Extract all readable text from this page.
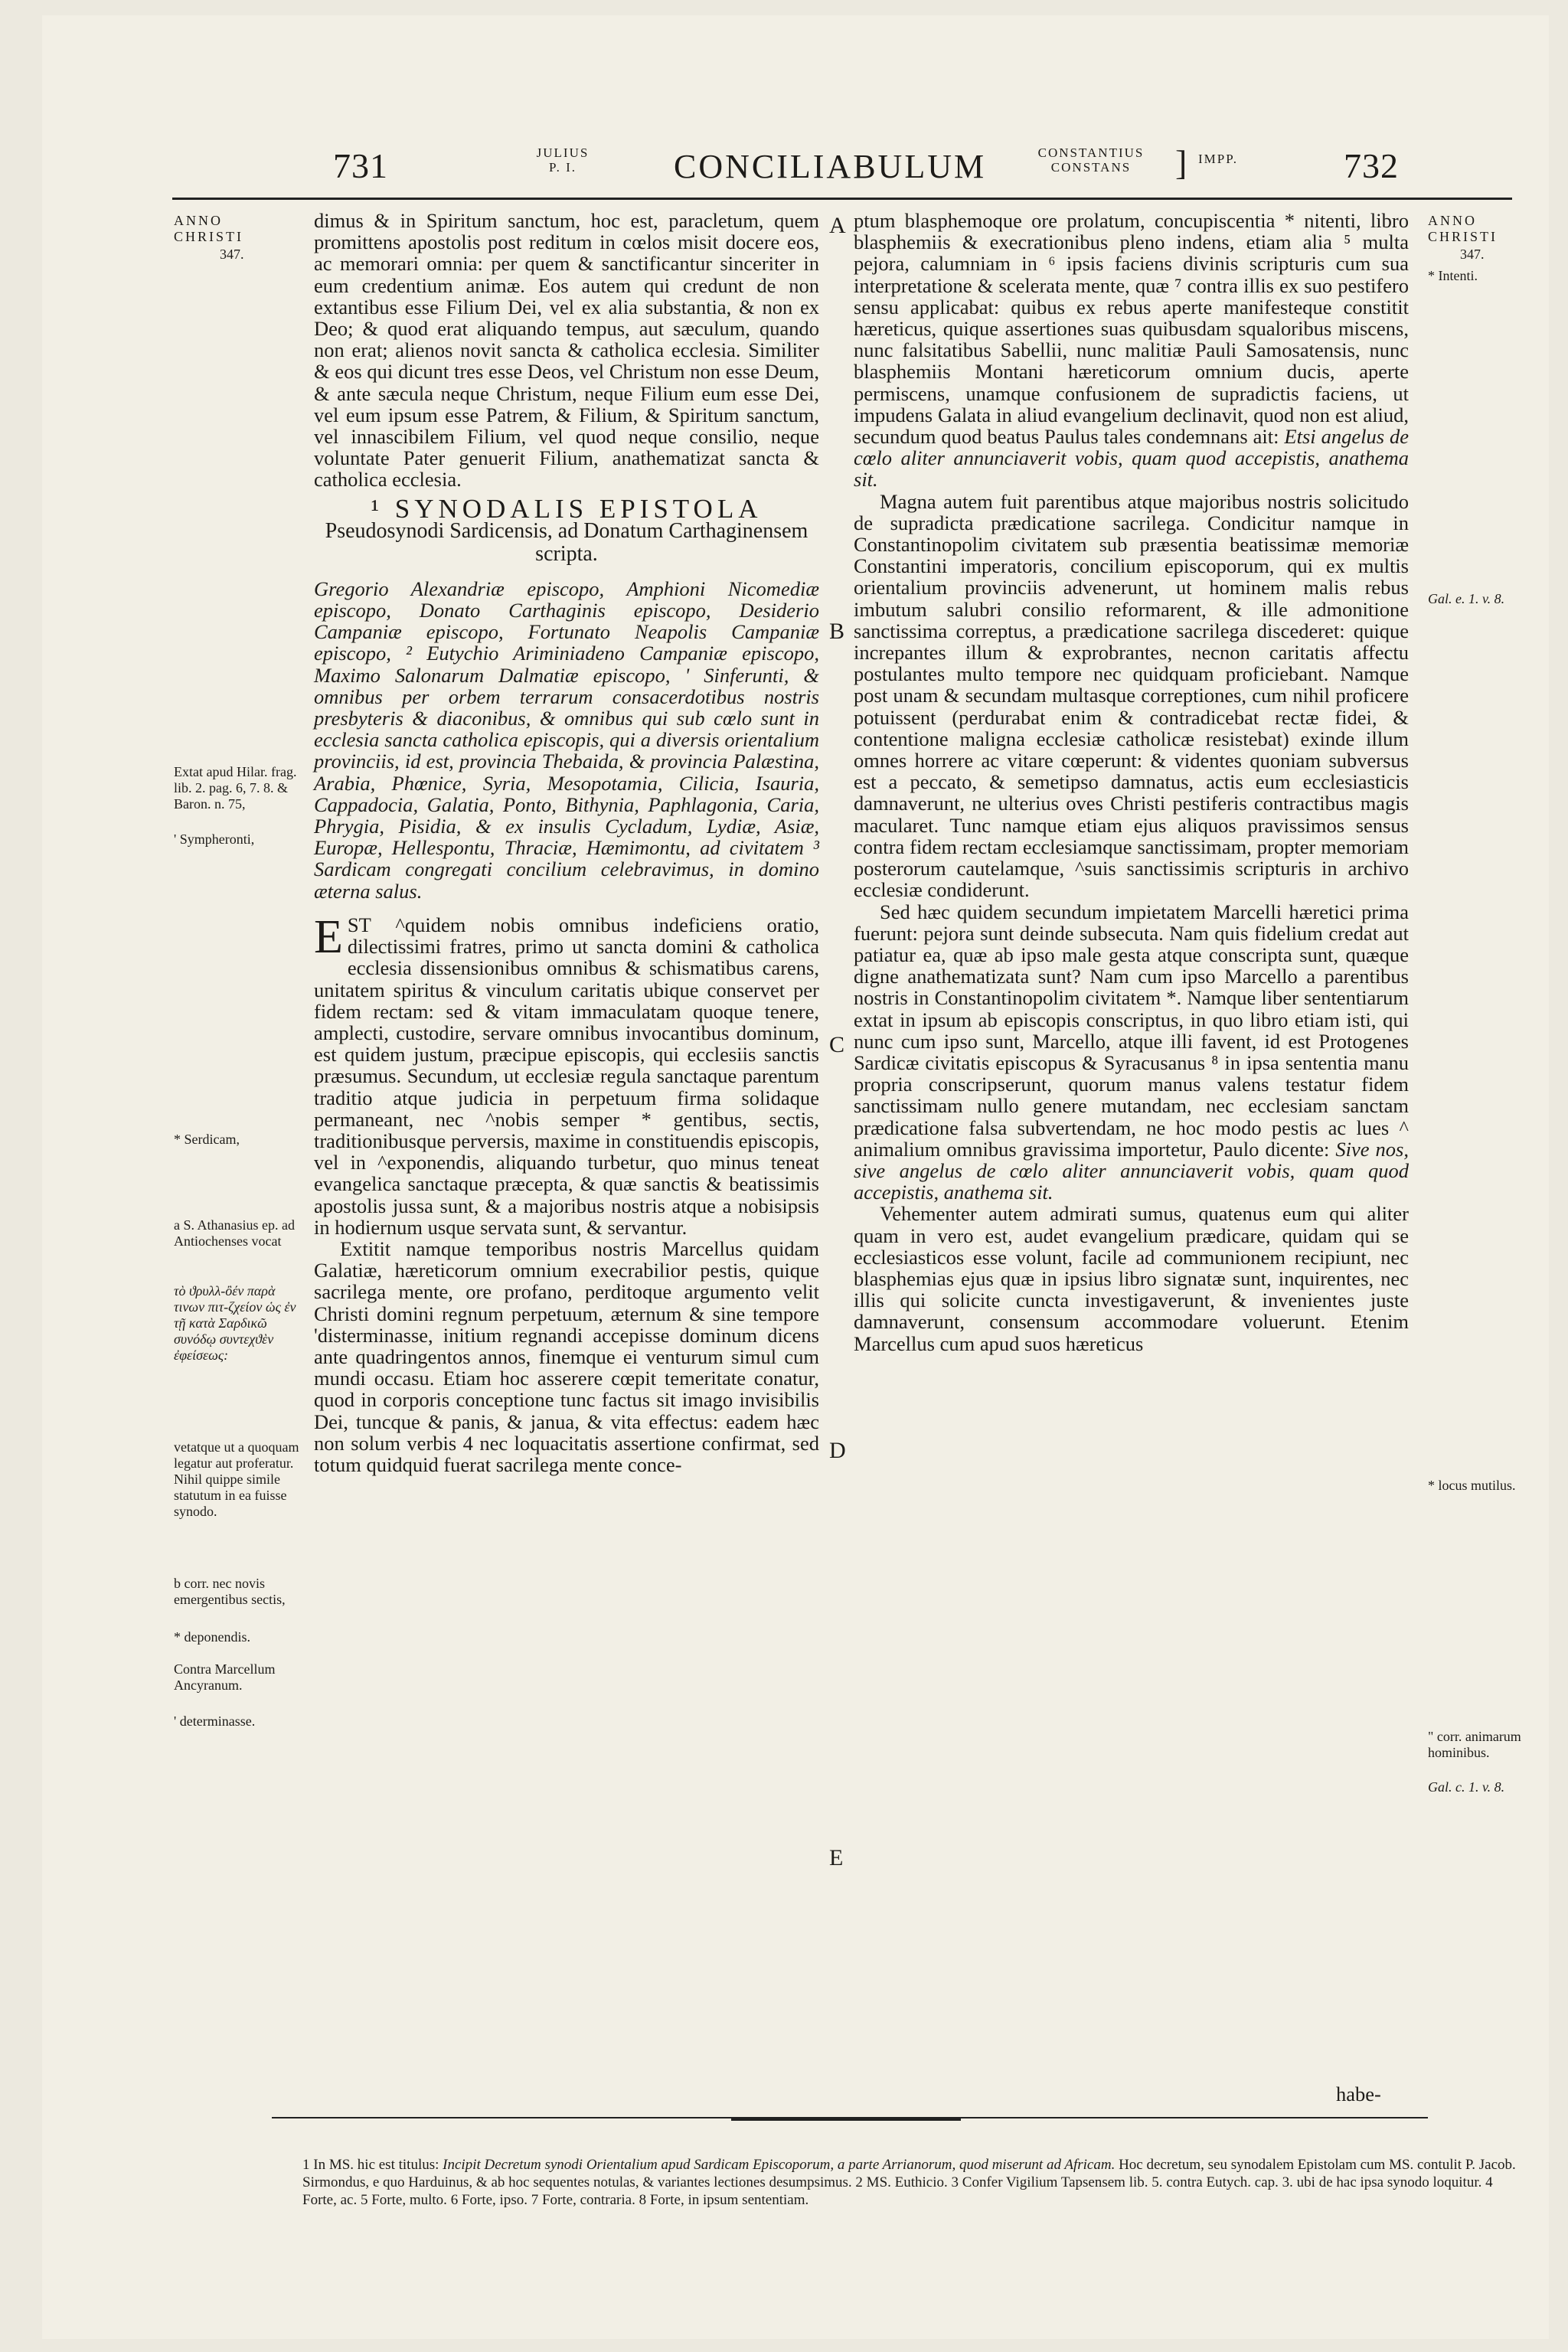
731	JULIUS
P. I.	CONCILIABULUM	CONSTANTIUS
CONSTANS	] IMPP.	732
ANNO
CHRISTI
347.
Extat apud Hilar. frag. lib. 2. pag. 6, 7. 8. & Baron. n. 75,
' Sympheronti,
* Serdicam,
a S. Athanasius ep. ad Antiochenses vocat
τὸ ϑρυλλ-ὂέν παρὰ τινων πιτ-ζχείον ὡς ἐν τῇ κατὰ Σαρδικῶ συνόδῳ συντεχϑὲν ἐφείσεως:
vetatque ut a quoquam legatur aut proferatur. Nihil quippe simile statutum in ea fuisse synodo.
b corr. nec novis emergentibus sectis,
* deponendis.
Contra Marcellum Ancyranum.
' determinasse.
ANNO
CHRISTI
347.
* Intenti.
Gal. e. 1. v. 8.
* locus mutilus.
" corr. animarum hominibus.
Gal. c. 1. v. 8.
A
B
C
D
E

dimus & in Spiritum sanctum, hoc est, paracletum, quem promittens apostolis post reditum in cœlos misit docere eos, ac memorari omnia: per quem & sanctificantur sinceriter in eum credentium animæ. Eos autem qui credunt de non extantibus esse Filium Dei, vel ex alia substantia, & non ex Deo; & quod erat aliquando tempus, aut sæculum, quando non erat; alienos novit sancta & catholica ecclesia. Similiter & eos qui dicunt tres esse Deos, vel Christum non esse Deum, & ante sæcula neque Christum, neque Filium eum esse Dei, vel eum ipsum esse Patrem, & Filium, & Spiritum sanctum, vel innascibilem Filium, vel quod neque consilio, neque voluntate Pater genuerit Filium, anathematizat sancta & catholica ecclesia.

¹ SYNODALIS EPISTOLA
Pseudosynodi Sardicensis, ad Donatum Carthaginensem scripta.

Gregorio Alexandriæ episcopo, Amphioni Nicomediæ episcopo, Donato Carthaginis episcopo, Desiderio Campaniæ episcopo, Fortunato Neapolis Campaniæ episcopo, ² Eutychio Ariminiadeno Campaniæ episcopo, Maximo Salonarum Dalmatiæ episcopo, ' Sinferunti, & omnibus per orbem terrarum consacerdotibus nostris presbyteris & diaconibus, & omnibus qui sub cœlo sunt in ecclesia sancta catholica episcopis, qui a diversis orientalium provinciis, id est, provincia Thebaida, & provincia Palæstina, Arabia, Phœnice, Syria, Mesopotamia, Cilicia, Isauria, Cappadocia, Galatia, Ponto, Bithynia, Paphlagonia, Caria, Phrygia, Pisidia, & ex insulis Cycladum, Lydiæ, Asiæ, Europæ, Hellespontu, Thraciæ, Hæmimontu, ad civitatem ³ Sardicam congregati concilium celebravimus, in domino æterna salus.

E ST ^quidem nobis omnibus indeficiens oratio, dilectissimi fratres, primo ut sancta domini & catholica ecclesia dissensionibus omnibus & schismatibus carens, unitatem spiritus & vinculum caritatis ubique conservet per fidem rectam: sed & vitam immaculatam quoque tenere, amplecti, custodire, servare omnibus invocantibus dominum, est quidem justum, præcipue episcopis, qui ecclesiis sanctis præsumus. Secundum, ut ecclesiæ regula sanctaque parentum traditio atque judicia in perpetuum firma solidaque permaneant, nec ^nobis semper * gentibus, sectis, traditionibusque perversis, maxime in constituendis episcopis, vel in ^exponendis, aliquando turbetur, quo minus teneat evangelica sanctaque præcepta, & quæ sanctis & beatissimis apostolis jussa sunt, & a majoribus nostris atque a nobisipsis in hodiernum usque servata sunt, & servantur.

Extitit namque temporibus nostris Marcellus quidam Galatiæ, hæreticorum omnium execrabilior pestis, quique sacrilega mente, ore profano, perditoque argumento velit Christi domini regnum perpetuum, æternum & sine tempore 'disterminasse, initium regnandi accepisse dominum dicens ante quadringentos annos, finemque ei venturum simul cum mundi occasu. Etiam hoc asserere cœpit temeritate conatur, quod in corporis conceptione tunc factus sit imago invisibilis Dei, tuncque & panis, & janua, & vita effectus: eadem hæc non solum verbis 4 nec loquacitatis assertione confirmat, sed totum quidquid fuerat sacrilega mente conce-

ptum blasphemoque ore prolatum, concupiscentia * nitenti, libro blasphemiis & execrationibus pleno indens, etiam alia ⁵ multa pejora, calumniam in ⁶ ipsis faciens divinis scripturis cum sua interpretatione & scelerata mente, quæ ⁷ contra illis ex suo pestifero sensu applicabat: quibus ex rebus aperte manifesteque constitit hæreticus, quique assertiones suas quibusdam squaloribus miscens, nunc falsitatibus Sabellii, nunc malitiæ Pauli Samosatensis, nunc blasphemiis Montani hæreticorum omnium ducis, aperte permiscens, unamque confusionem de supradictis faciens, ut impudens Galata in aliud evangelium declinavit, quod non est aliud, secundum quod beatus Paulus tales condemnans ait: Etsi angelus de cœlo aliter annunciaverit vobis, quam quod accepistis, anathema sit.

Magna autem fuit parentibus atque majoribus nostris solicitudo de supradicta prædicatione sacrilega. Condicitur namque in Constantinopolim civitatem sub præsentia beatissimæ memoriæ Constantini imperatoris, concilium episcoporum, qui ex multis orientalium provinciis advenerunt, ut hominem malis rebus imbutum salubri consilio reformarent, & ille admonitione sanctissima correptus, a prædicatione sacrilega discederet: quique increpantes illum & exprobrantes, necnon caritatis affectu postulantes multo tempore nec quidquam proficiebant. Namque post unam & secundam multasque correptiones, cum nihil proficere potuissent (perdurabat enim & contradicebat rectæ fidei, & contentione maligna ecclesiæ catholicæ resistebat) exinde illum omnes horrere ac vitare cœperunt: & videntes quoniam subversus est a peccato, & semetipso damnatus, actis eum ecclesiasticis damnaverunt, ne ulterius oves Christi pestiferis contractibus magis macularet. Tunc namque etiam ejus aliquos pravissimos sensus contra fidem rectam ecclesiamque sanctissimam, propter memoriam posterorum cautelamque, ^suis sanctissimis scripturis in archivo ecclesiæ condiderunt.

Sed hæc quidem secundum impietatem Marcelli hæretici prima fuerunt: pejora sunt deinde subsecuta. Nam quis fidelium credat aut patiatur ea, quæ ab ipso male gesta atque conscripta sunt, quæque digne anathematizata sunt? Nam cum ipso Marcello a parentibus nostris in Constantinopolim civitatem *. Namque liber sententiarum extat in ipsum ab episcopis conscriptus, in quo libro etiam isti, qui nunc cum ipso sunt, Marcello, atque illi favent, id est Protogenes Sardicæ civitatis episcopus & Syracusanus ⁸ in ipsa sententia manu propria conscripserunt, quorum manus valens testatur fidem sanctissimam nullo genere mutandam, nec ecclesiam sanctam prædicatione falsa subvertendam, ne hoc modo pestis ac lues ^ animalium omnibus gravissima importetur, Paulo dicente: Sive nos, sive angelus de cœlo aliter annunciaverit vobis, quam quod accepistis, anathema sit.

Vehementer autem admirati sumus, quatenus eum qui aliter quam in vero est, audet evangelium prædicare, quidam qui se ecclesiasticos esse volunt, facile ad communionem recipiunt, nec blasphemias ejus quæ in ipsius libro signatæ sunt, inquirentes, nec illis qui solicite cuncta investigaverunt, & invenientes juste damnaverunt, consensum accommodare voluerunt. Etenim Marcellus cum apud suos hæreticus

habe-

1 In MS. hic est titulus: Incipit Decretum synodi Orientalium apud Sardicam Episcoporum, a parte Arrianorum, quod miserunt ad Africam. Hoc decretum, seu synodalem Epistolam cum MS. contulit P. Jacob. Sirmondus, e quo Harduinus, & ab hoc sequentes notulas, & variantes lectiones desumpsimus. 2 MS. Euthicio. 3 Confer Vigilium Tapsensem lib. 5. contra Eutych. cap. 3. ubi de hac ipsa synodo loquitur. 4 Forte, ac. 5 Forte, multo. 6 Forte, ipso. 7 Forte, contraria. 8 Forte, in ipsum sententiam.
